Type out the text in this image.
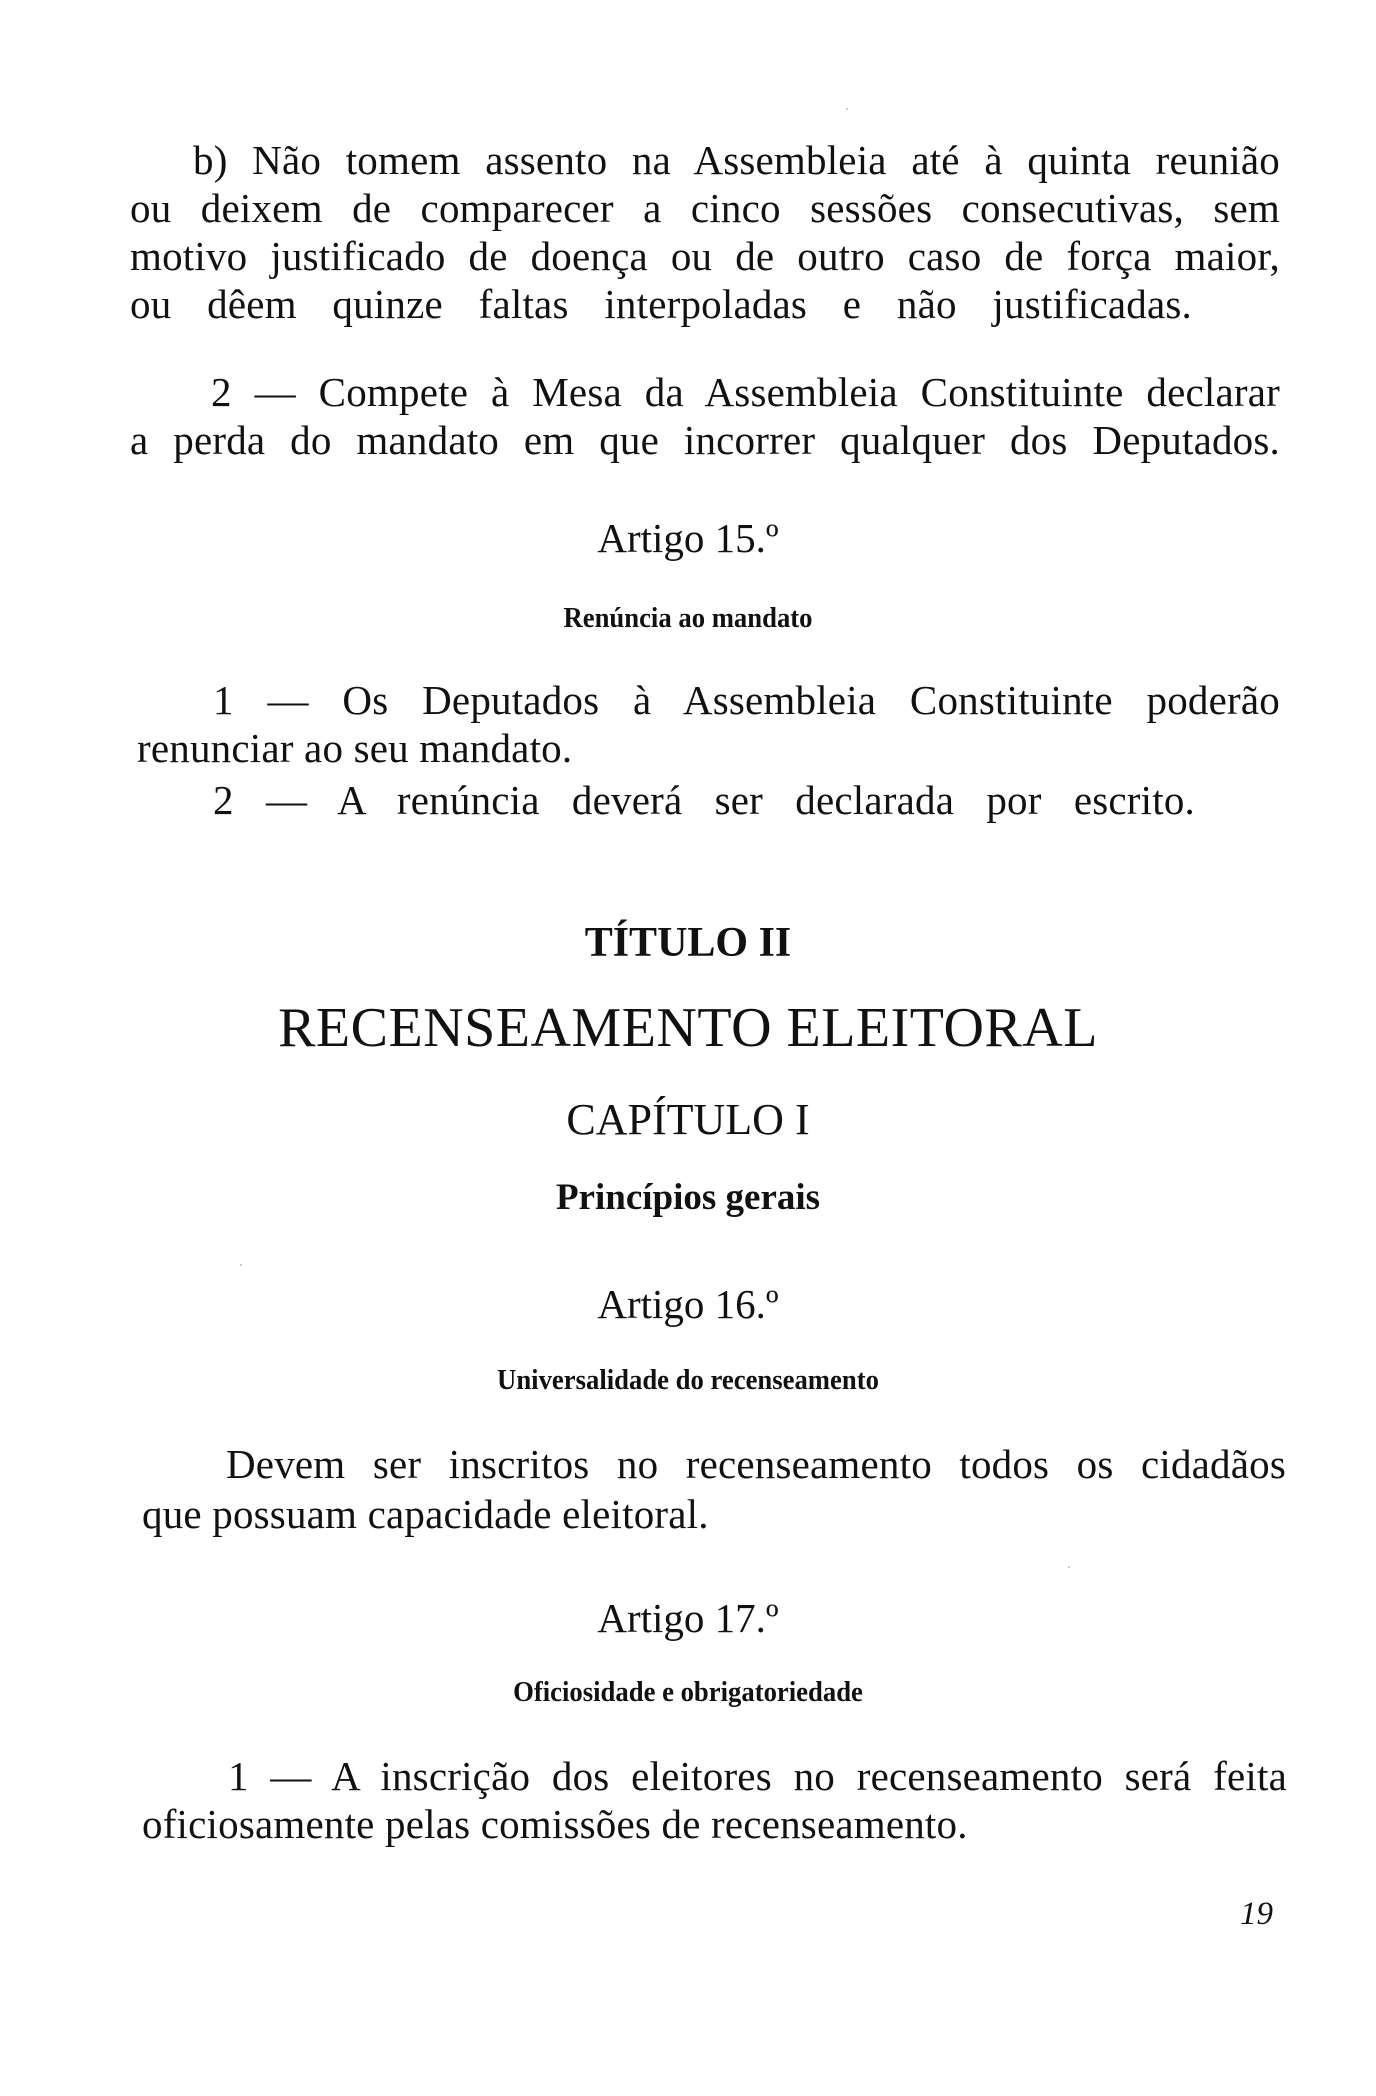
b) Não tomem assento na Assembleia até à quinta reunião

ou deixem de comparecer a cinco sessões consecutivas, sem

motivo justificado de doença ou de outro caso de força maior,

ou dêem quinze faltas interpoladas e não justificadas.

2 — Compete à Mesa da Assembleia Constituinte declarar

a perda do mandato em que incorrer qualquer dos Deputados.

Artigo 15.º

Renúncia ao mandato

1 — Os Deputados à Assembleia Constituinte poderão

renunciar ao seu mandato.

2 — A renúncia deverá ser declarada por escrito.

TÍTULO II

RECENSEAMENTO ELEITORAL

CAPÍTULO I

Princípios gerais

Artigo 16.º

Universalidade do recenseamento

Devem ser inscritos no recenseamento todos os cidadãos

que possuam capacidade eleitoral.

Artigo 17.º

Oficiosidade e obrigatoriedade

1 — A inscrição dos eleitores no recenseamento será feita

oficiosamente pelas comissões de recenseamento.

19
